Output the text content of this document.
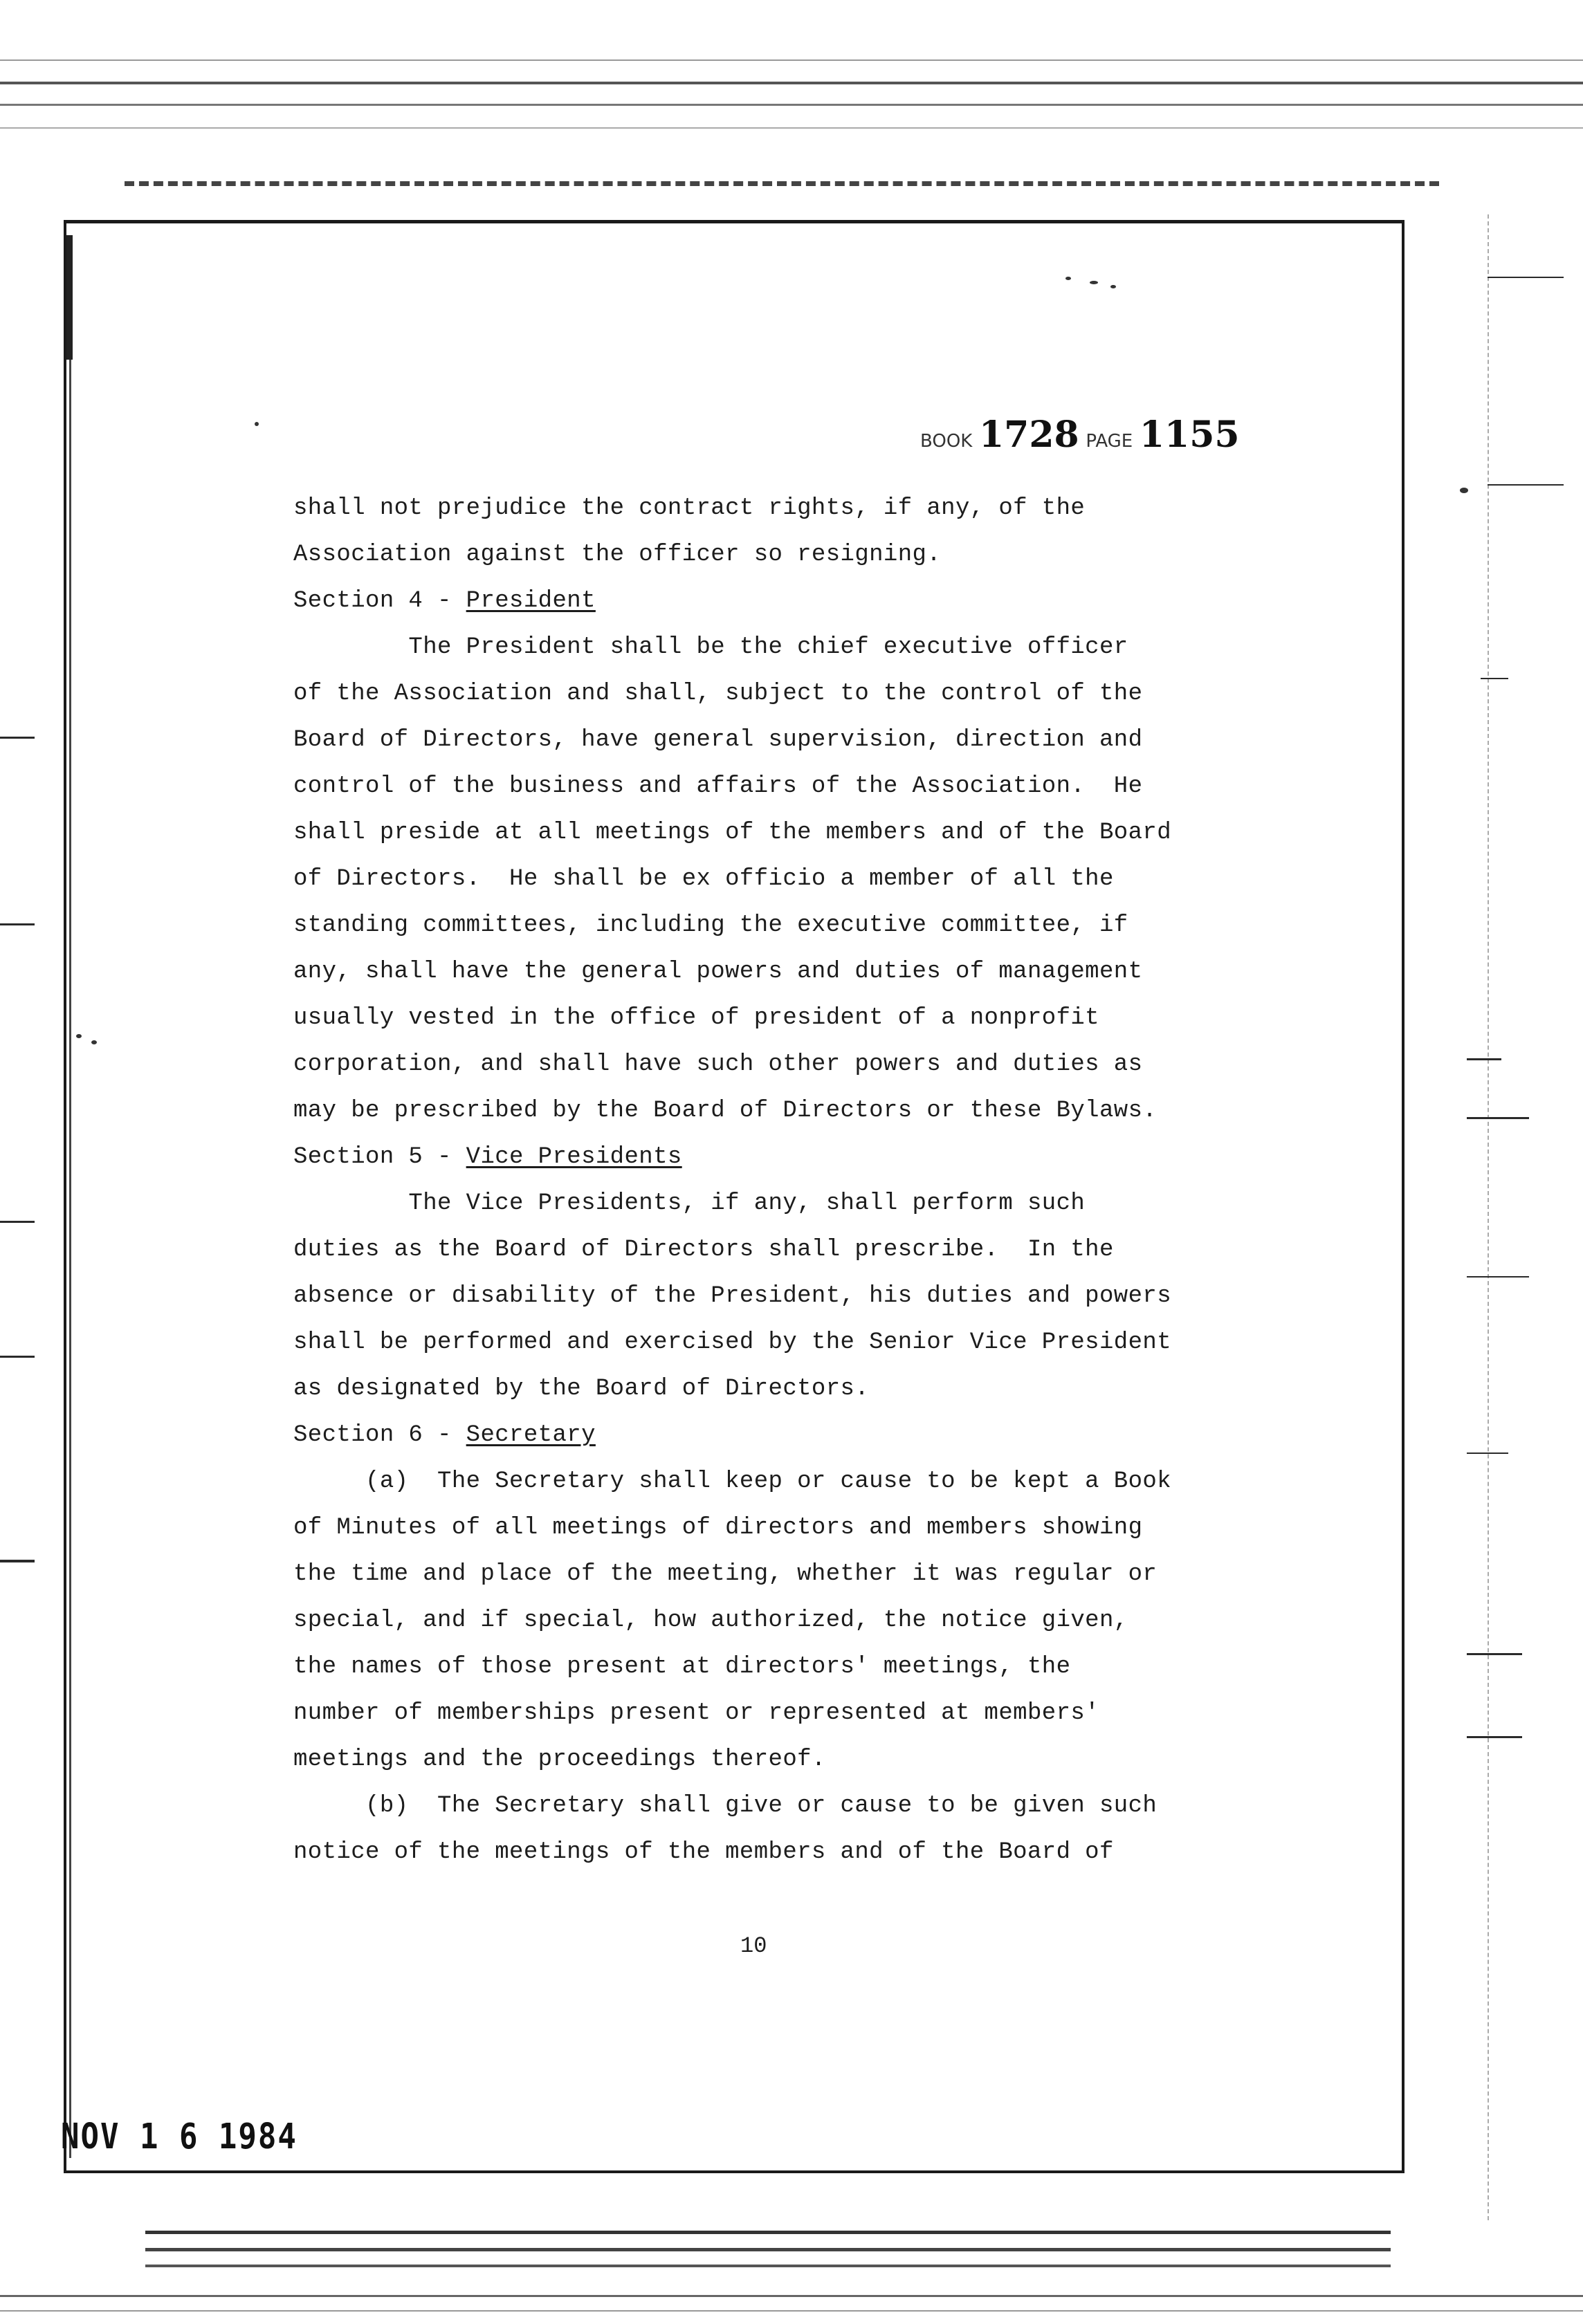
BOOK 1728 PAGE 1155
shall not prejudice the contract rights, if any, of the
Association against the officer so resigning.
Section 4 - President
The President shall be the chief executive officer
of the Association and shall, subject to the control of the
Board of Directors, have general supervision, direction and
control of the business and affairs of the Association.  He
shall preside at all meetings of the members and of the Board
of Directors.  He shall be ex officio a member of all the
standing committees, including the executive committee, if
any, shall have the general powers and duties of management
usually vested in the office of president of a nonprofit
corporation, and shall have such other powers and duties as
may be prescribed by the Board of Directors or these Bylaws.
Section 5 - Vice Presidents
The Vice Presidents, if any, shall perform such
duties as the Board of Directors shall prescribe.  In the
absence or disability of the President, his duties and powers
shall be performed and exercised by the Senior Vice President
as designated by the Board of Directors.
Section 6 - Secretary
(a)  The Secretary shall keep or cause to be kept a Book
of Minutes of all meetings of directors and members showing
the time and place of the meeting, whether it was regular or
special, and if special, how authorized, the notice given,
the names of those present at directors' meetings, the
number of memberships present or represented at members'
meetings and the proceedings thereof.
(b)  The Secretary shall give or cause to be given such
notice of the meetings of the members and of the Board of
10
NOV 1 6 1984
